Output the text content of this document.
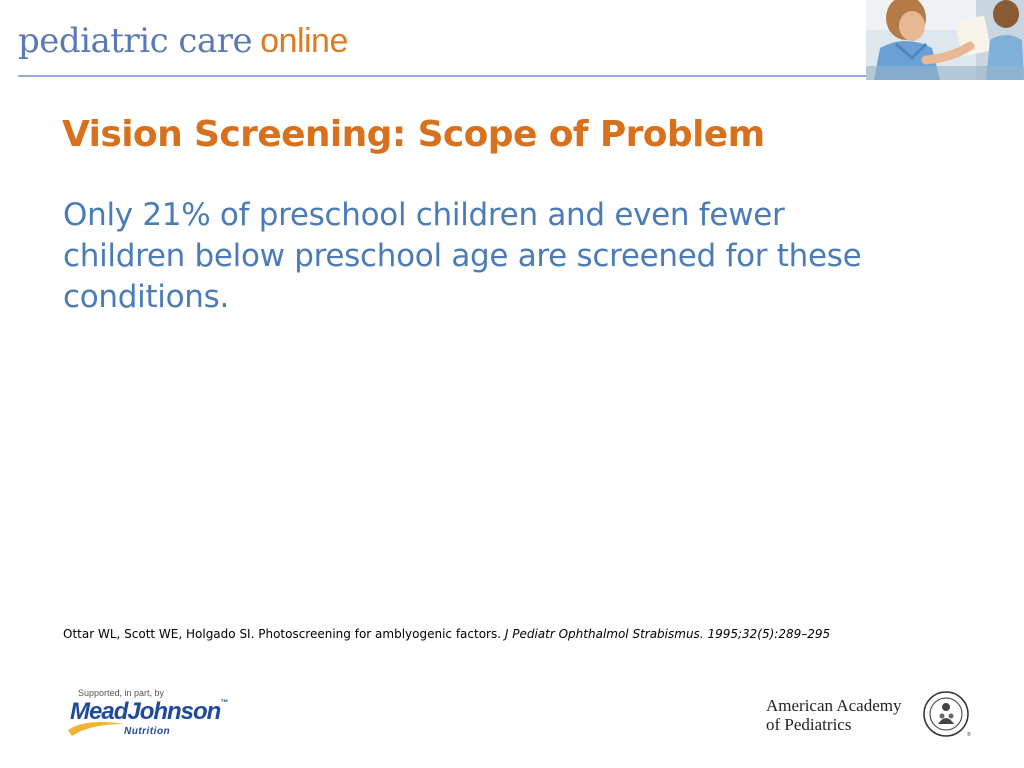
pediatric care online
Vision Screening: Scope of Problem
Only 21% of preschool children and even fewer children below preschool age are screened for these conditions.
Ottar WL, Scott WE, Holgado SI. Photoscreening for amblyogenic factors. J Pediatr Ophthalmol Strabismus. 1995;32(5):289–295
Supported, in part, by
MeadJohnson™
Nutrition
American Academy
of Pediatrics
®
